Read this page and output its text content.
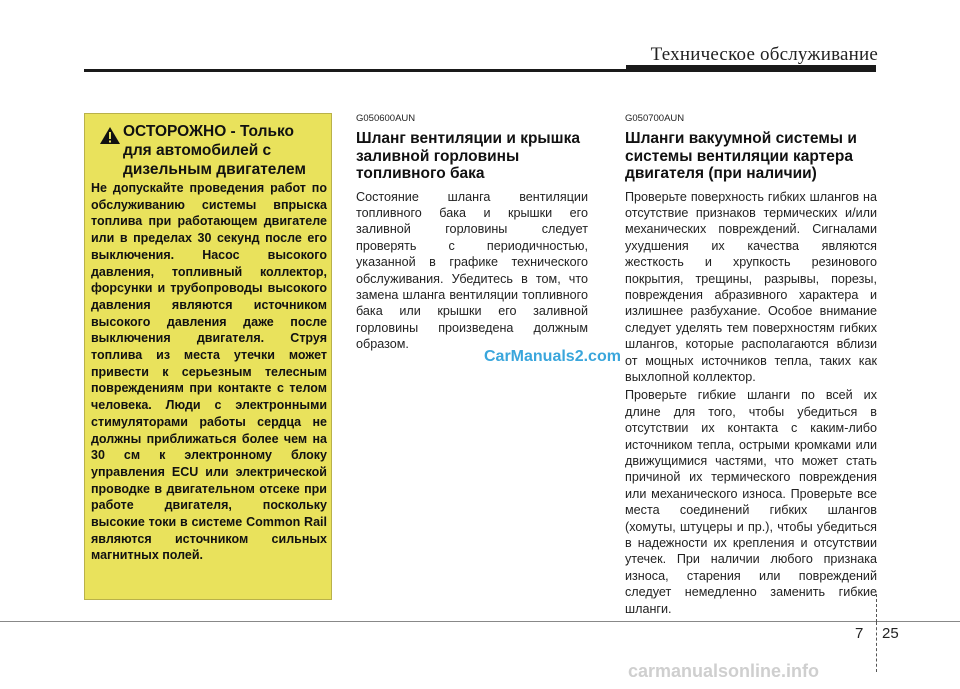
Техническое обслуживание
ОСТОРОЖНО - Только для автомобилей с дизельным двигателем
Не допускайте проведения работ по обслуживанию системы впрыска топлива при работающем двигателе или в пределах 30 секунд после его выключения. Насос высокого давления, топливный коллектор, форсунки и трубопроводы высокого давления являются источником высокого давления даже после выключения двигателя. Струя топлива из места утечки может привести к серьезным телесным повреждениям при контакте с телом человека. Люди с электронными стимуляторами работы сердца не должны приближаться более чем на 30 см к электронному блоку управления ECU или электрической проводке в двигательном отсеке при работе двигателя, поскольку высокие токи в системе Common Rail являются источником сильных магнитных полей.
G050600AUN
Шланг вентиляции и крышка заливной горловины топливного бака
Состояние шланга вентиляции топливного бака и крышки его заливной горловины следует проверять с периодичностью, указанной в графике технического обслуживания. Убедитесь в том, что замена шланга вентиляции топливного бака или крышки его заливной горловины произведена должным образом.
G050700AUN
Шланги вакуумной системы и системы вентиляции картера двигателя (при наличии)
Проверьте поверхность гибких шлангов на отсутствие признаков термических и/или механических повреждений. Сигналами ухудшения их качества являются жесткость и хрупкость резинового покрытия, трещины, разрывы, порезы, повреждения абразивного характера и излишнее разбухание. Особое внимание следует уделять тем поверхностям гибких шлангов, которые располагаются вблизи от мощных источников тепла, таких как выхлопной коллектор.
Проверьте гибкие шланги по всей их длине для того, чтобы убедиться в отсутствии их контакта с каким-либо источником тепла, острыми кромками или движущимися частями, что может стать причиной их термического повреждения или механического износа. Проверьте все места соединений гибких шлангов (хомуты, штуцеры и пр.), чтобы убедиться в надежности их крепления и отсутствии утечек. При наличии любого признака износа, старения или повреждений следует немедленно заменить гибкие шланги.
CarManuals2.com
7 25
carmanualsonline.info
